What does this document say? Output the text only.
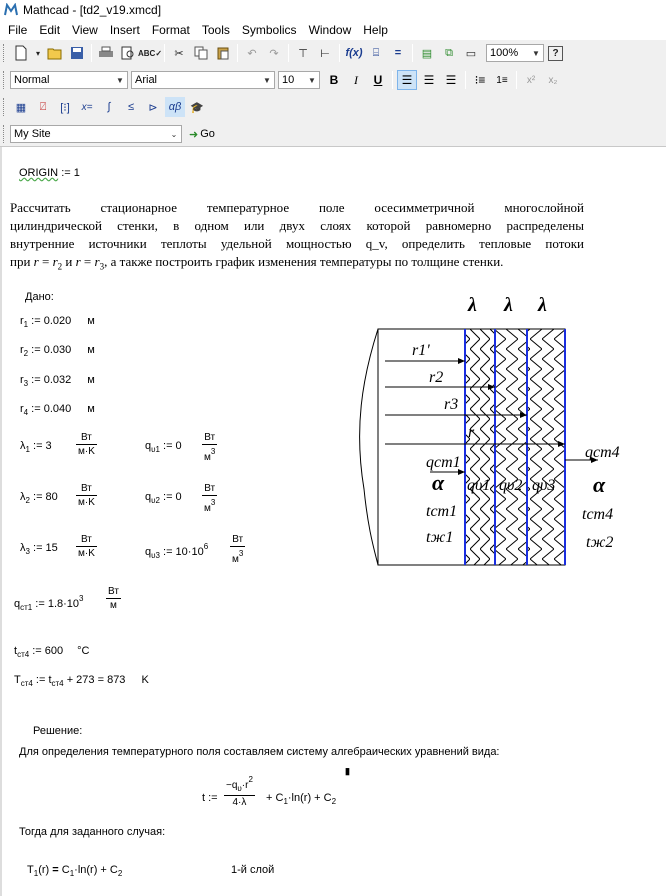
Mathcad - [td2_v19.xmcd]
File	Edit	View	Insert	Format	Tools	Symbolics	Window	Help
▾	ABC✓	✂	↶	↷	⊤	⊢	f(x) ⌸	=	▤	⧉	▭	100%	▼	?
Normal	▼ Arial	▼ 10	▼	B	I	U	☰ ☰ ☰	⁝≡	1≡	x²	x₂
▦	⍁	[⁝]	x=	∫	≤	⊳	αβ 🎓
My Site	⌄	➜ Go
ORIGIN := 1
Рассчитать стационарное температурное поле осесимметричной многослойной
цилиндрической стенки, в одном или двух слоях которой равномерно распределены
внутренние источники теплоты удельной мощностью q_v, определить тепловые потоки
при $r = r_2$ и $r = r_3$, а также построить график изменения температуры по толщине стенки.
Дано:
$r_1$ := 0.020 м
$r_2$ := 0.030 м
$r_3$ := 0.032 м
$r_4$ := 0.040 м
$\lambda_1$ := 3
Вт
м·K	$q_{\upsilon 1}$ := 0
Вт
$м^3$
$\lambda_2$ := 80
Вт
м·K	$q_{\upsilon 2}$ := 0
Вт
$м^3$
$\lambda_3$ := 15
Вт
м·K	$q_{\upsilon 3}$ := $10\cdot 10^6$
Вт
$м^3$
$q_{ст1}$ := $1.8\cdot 10^3$
Вт
м
$t_{ст4}$ := 600 °C
$T_{ст4}$ := $t_{ст4} + 273 = 873$ K
Решение:
Для определения температурного поля составляем систему алгебраических уравнений вида:
▮
t := $\frac{-q_\upsilon\cdot r^2}{4\cdot\lambda} + C_1\cdot\ln(r) + C_2$
Тогда для заданного случая:
$T_1(r) = C_1\cdot\ln(r) + C_2$	1-й слой
λ λ λ
r1'
r2
r3
r
qст1
α qυ1 qυ2 qυ3
tст1
tж1
qст4
α
tст4
tж2
